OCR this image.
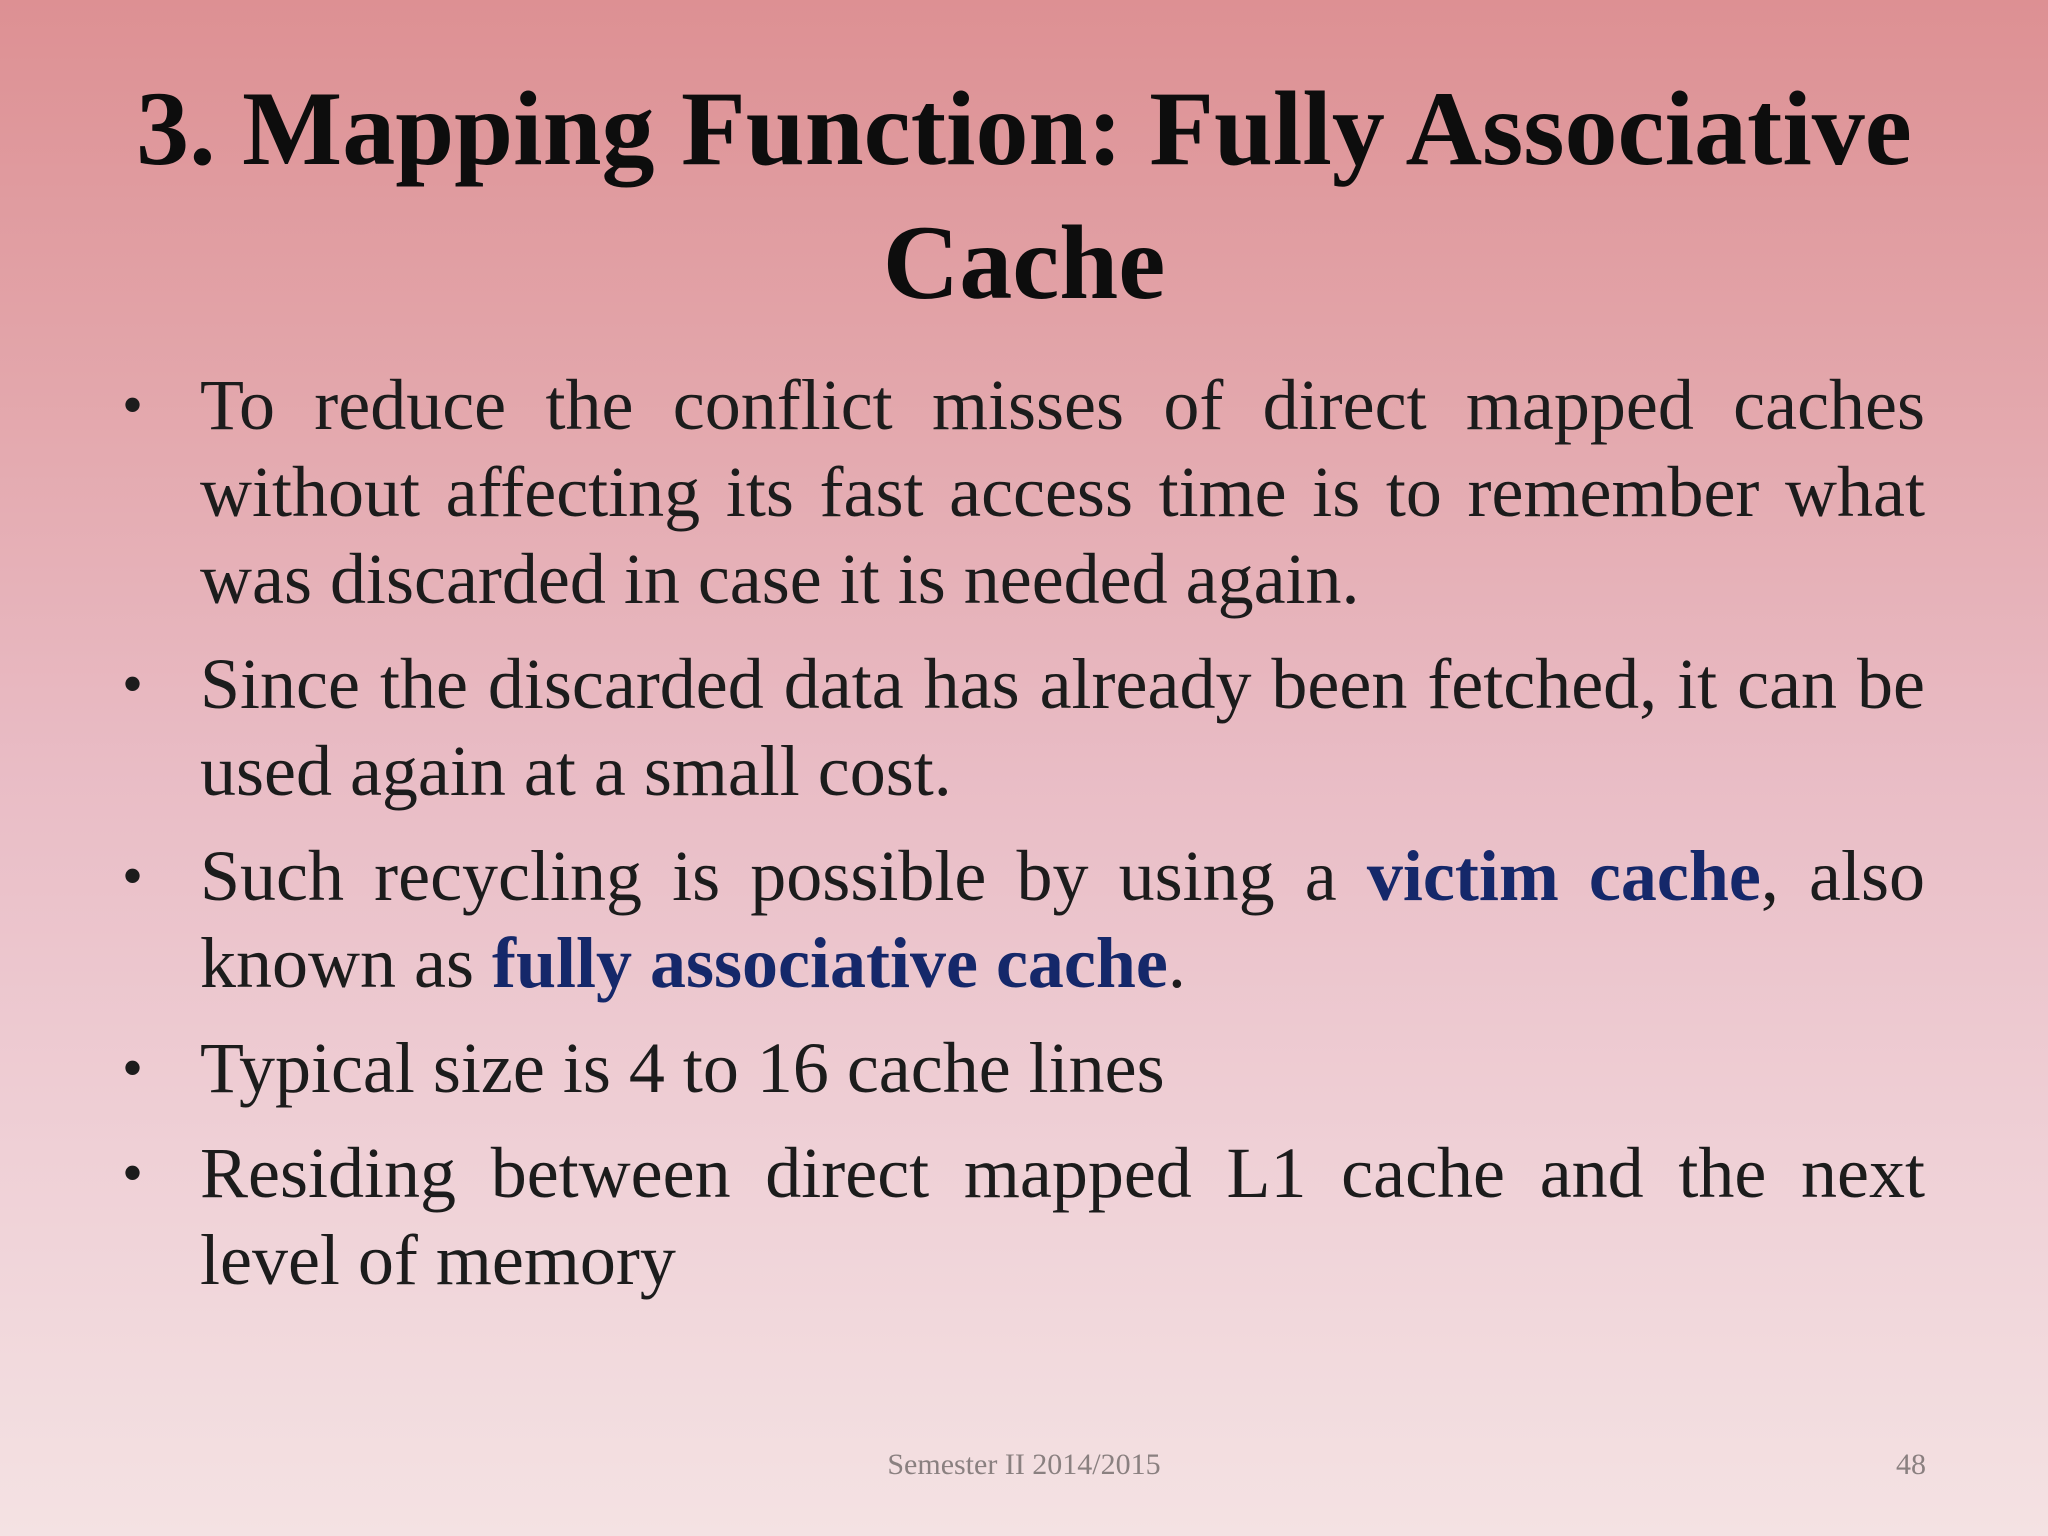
3. Mapping Function: Fully Associative Cache
• To reduce the conflict misses of direct mapped caches without affecting its fast access time is to remember what was discarded in case it is needed again.
• Since the discarded data has already been fetched, it can be used again at a small cost.
• Such recycling is possible by using a victim cache, also known as fully associative cache.
• Typical size is 4 to 16 cache lines
• Residing between direct mapped L1 cache and the next level of memory
Semester II 2014/2015	48
